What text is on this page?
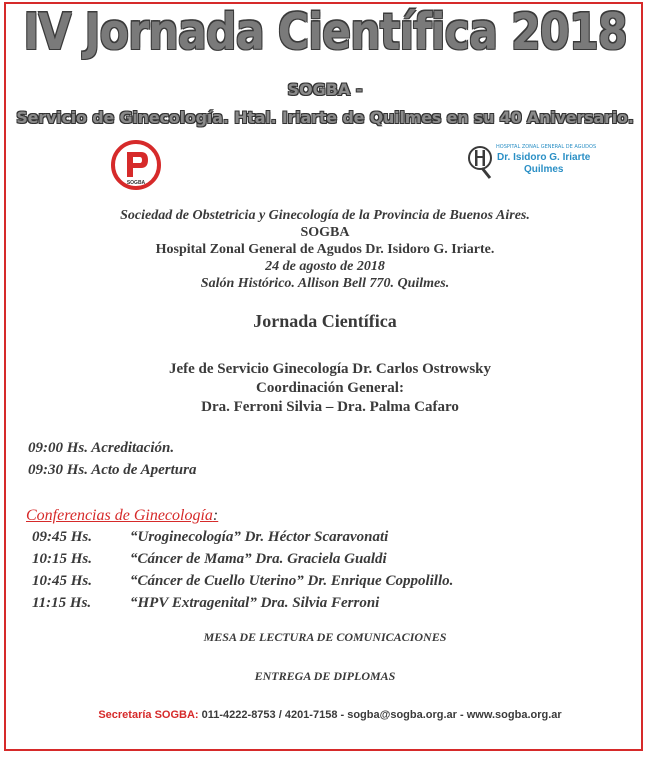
IV Jornada Científica 2018
SOGBA -
Servicio de Ginecología. Htal. Iriarte de Quilmes en su 40 Aniversario.
SOGBA
HOSPITAL ZONAL GENERAL DE AGUDOS
Dr. Isidoro G. Iriarte
Quilmes
Sociedad de Obstetricia y Ginecología de la Provincia de Buenos Aires.
SOGBA
Hospital Zonal General de Agudos Dr. Isidoro G. Iriarte.
24 de agosto de 2018
Salón Histórico. Allison Bell 770. Quilmes.
Jornada Científica
Jefe de Servicio Ginecología Dr. Carlos Ostrowsky
Coordinación General:
Dra. Ferroni Silvia – Dra. Palma Cafaro
09:00 Hs. Acreditación.
09:30 Hs. Acto de Apertura
Conferencias de Ginecología:
09:45 Hs.	“Uroginecología” Dr. Héctor Scaravonati
10:15 Hs.	“Cáncer de Mama” Dra. Graciela Gualdi
10:45 Hs.	“Cáncer de Cuello Uterino” Dr. Enrique Coppolillo.
11:15 Hs.	“HPV Extragenital” Dra. Silvia Ferroni
MESA DE LECTURA DE COMUNICACIONES
ENTREGA DE DIPLOMAS
Secretaría SOGBA: 011-4222-8753 / 4201-7158 - sogba@sogba.org.ar - www.sogba.org.ar
